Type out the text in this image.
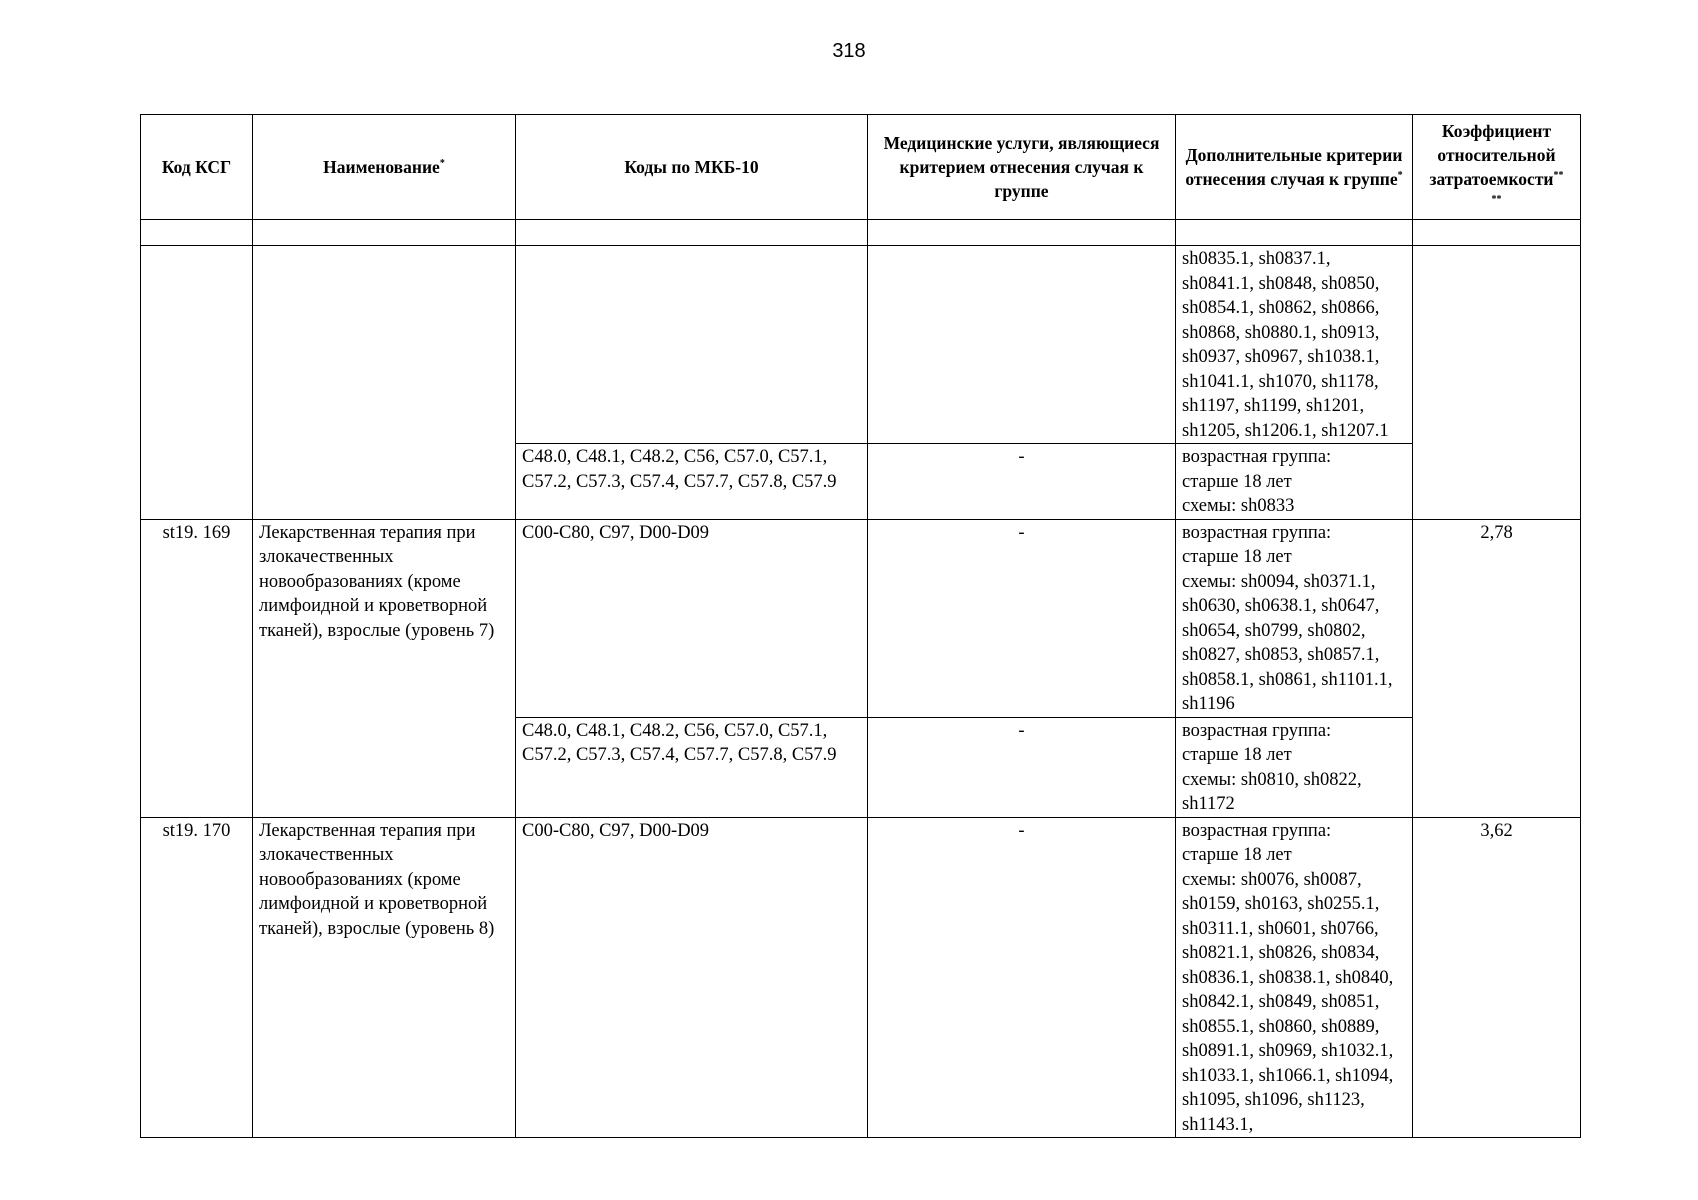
318
Код КСГ	Наименование*	Коды по МКБ-10	Медицинские услуги, являющиеся критерием отнесения случая к группе	Дополнительные критерии отнесения случая к группе*	Коэффициент относительной затратоемкости**
**

				sh0835.1, sh0837.1, sh0841.1, sh0848, sh0850, sh0854.1, sh0862, sh0866, sh0868, sh0880.1, sh0913, sh0937, sh0967, sh1038.1, sh1041.1, sh1070, sh1178, sh1197, sh1199, sh1201, sh1205, sh1206.1, sh1207.1	
		C48.0, C48.1, C48.2, C56, C57.0, C57.1, C57.2, C57.3, C57.4, C57.7, C57.8, C57.9	-	возрастная группа:
старше 18 лет
схемы: sh0833	
st19. 169	Лекарственная терапия при злокачественных новообразованиях (кроме лимфоидной и кроветворной тканей), взрослые (уровень 7)	C00-C80, C97, D00-D09	-	возрастная группа:
старше 18 лет
схемы: sh0094, sh0371.1, sh0630, sh0638.1, sh0647, sh0654, sh0799, sh0802, sh0827, sh0853, sh0857.1, sh0858.1, sh0861, sh1101.1, sh1196	2,78
		C48.0, C48.1, C48.2, C56, C57.0, C57.1, C57.2, C57.3, C57.4, C57.7, C57.8, C57.9	-	возрастная группа:
старше 18 лет
схемы: sh0810, sh0822, sh1172	
st19. 170	Лекарственная терапия при злокачественных новообразованиях (кроме лимфоидной и кроветворной тканей), взрослые (уровень 8)	C00-C80, C97, D00-D09	-	возрастная группа:
старше 18 лет
схемы: sh0076, sh0087, sh0159, sh0163, sh0255.1, sh0311.1, sh0601, sh0766, sh0821.1, sh0826, sh0834, sh0836.1, sh0838.1, sh0840, sh0842.1, sh0849, sh0851, sh0855.1, sh0860, sh0889, sh0891.1, sh0969, sh1032.1, sh1033.1, sh1066.1, sh1094, sh1095, sh1096, sh1123, sh1143.1,	3,62
